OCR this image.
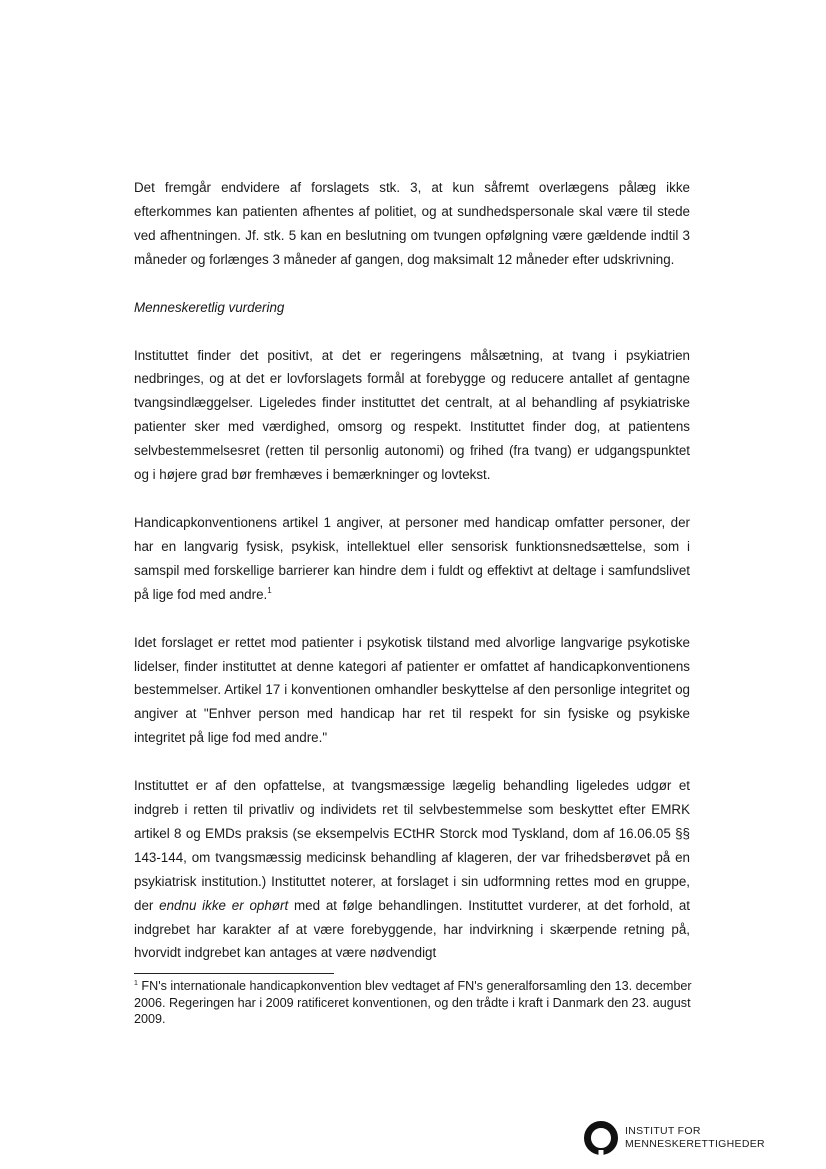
Det fremgår endvidere af forslagets stk. 3, at kun såfremt overlægens pålæg ikke efterkommes kan patienten afhentes af politiet, og at sundhedspersonale skal være til stede ved afhentningen. Jf. stk. 5 kan en beslutning om tvungen opfølgning være gældende indtil 3 måneder og forlænges 3 måneder af gangen, dog maksimalt 12 måneder efter udskrivning.

Menneskeretlig vurdering

Instituttet finder det positivt, at det er regeringens målsætning, at tvang i psykiatrien nedbringes, og at det er lovforslagets formål at forebygge og reducere antallet af gentagne tvangsindlæggelser. Ligeledes finder instituttet det centralt, at al behandling af psykiatriske patienter sker med værdighed, omsorg og respekt. Instituttet finder dog, at patientens selvbestemmelsesret (retten til personlig autonomi) og frihed (fra tvang) er udgangspunktet og i højere grad bør fremhæves i bemærkninger og lovtekst.

Handicapkonventionens artikel 1 angiver, at personer med handicap omfatter personer, der har en langvarig fysisk, psykisk, intellektuel eller sensorisk funktionsnedsættelse, som i samspil med forskellige barrierer kan hindre dem i fuldt og effektivt at deltage i samfundslivet på lige fod med andre.$^1$

Idet forslaget er rettet mod patienter i psykotisk tilstand med alvorlige langvarige psykotiske lidelser, finder instituttet at denne kategori af patienter er omfattet af handicapkonventionens bestemmelser. Artikel 17 i konventionen omhandler beskyttelse af den personlige integritet og angiver at "Enhver person med handicap har ret til respekt for sin fysiske og psykiske integritet på lige fod med andre."

Instituttet er af den opfattelse, at tvangsmæssige lægelig behandling ligeledes udgør et indgreb i retten til privatliv og individets ret til selvbestemmelse som beskyttet efter EMRK artikel 8 og EMDs praksis (se eksempelvis ECtHR Storck mod Tyskland, dom af 16.06.05 §§ 143-144, om tvangsmæssig medicinsk behandling af klageren, der var frihedsberøvet på en psykiatrisk institution.) Instituttet noterer, at forslaget i sin udformning rettes mod en gruppe, der endnu ikke er ophørt med at følge behandlingen. Instituttet vurderer, at det forhold, at indgrebet har karakter af at være forebyggende, har indvirkning i skærpende retning på, hvorvidt indgrebet kan antages at være nødvendigt

$^1$ FN's internationale handicapkonvention blev vedtaget af FN's generalforsamling den 13. december 2006. Regeringen har i 2009 ratificeret konventionen, og den trådte i kraft i Danmark den 23. august 2009.

INSTITUT FOR
MENNESKERETTIGHEDER
